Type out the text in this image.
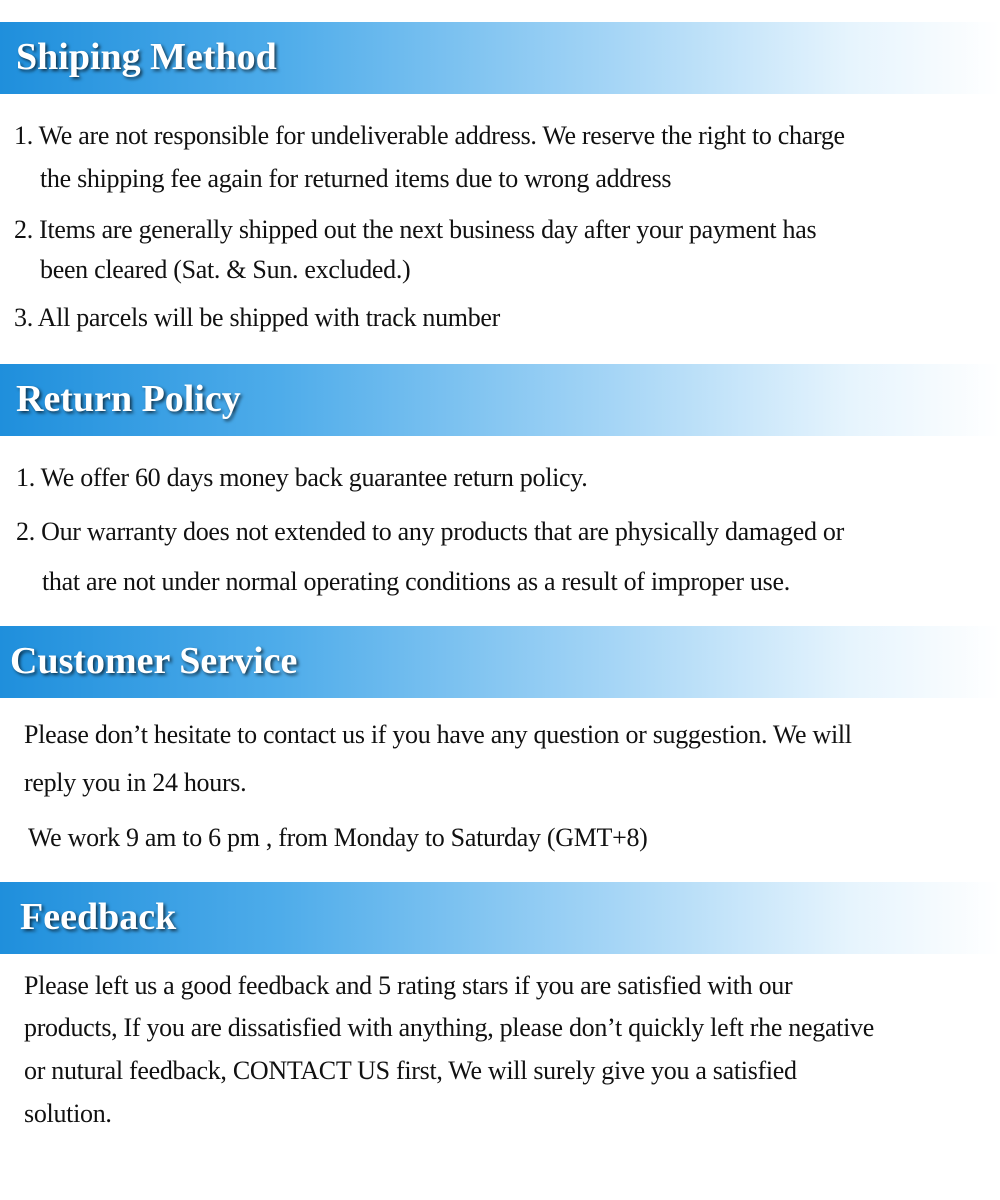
Shiping Method
1. We are not responsible for undeliverable address. We reserve the right to charge
the shipping fee again for returned items due to wrong address
2. Items are generally shipped out the next business day after your payment has
been cleared (Sat. & Sun. excluded.)
3. All parcels will be shipped with track number
Return Policy
1. We offer 60 days money back guarantee return policy.
2. Our warranty does not extended to any products that are physically damaged or
that are not under normal operating conditions as a result of improper use.
Customer Service
Please don’t hesitate to contact us if you have any question or suggestion. We will
reply you in 24 hours.
We work 9 am to 6 pm , from Monday to Saturday (GMT+8)
Feedback
Please left us a good feedback and 5 rating stars if you are satisfied with our
products, If you are dissatisfied with anything, please don’t quickly left rhe negative
or nutural feedback, CONTACT US first, We will surely give you a satisfied
solution.
